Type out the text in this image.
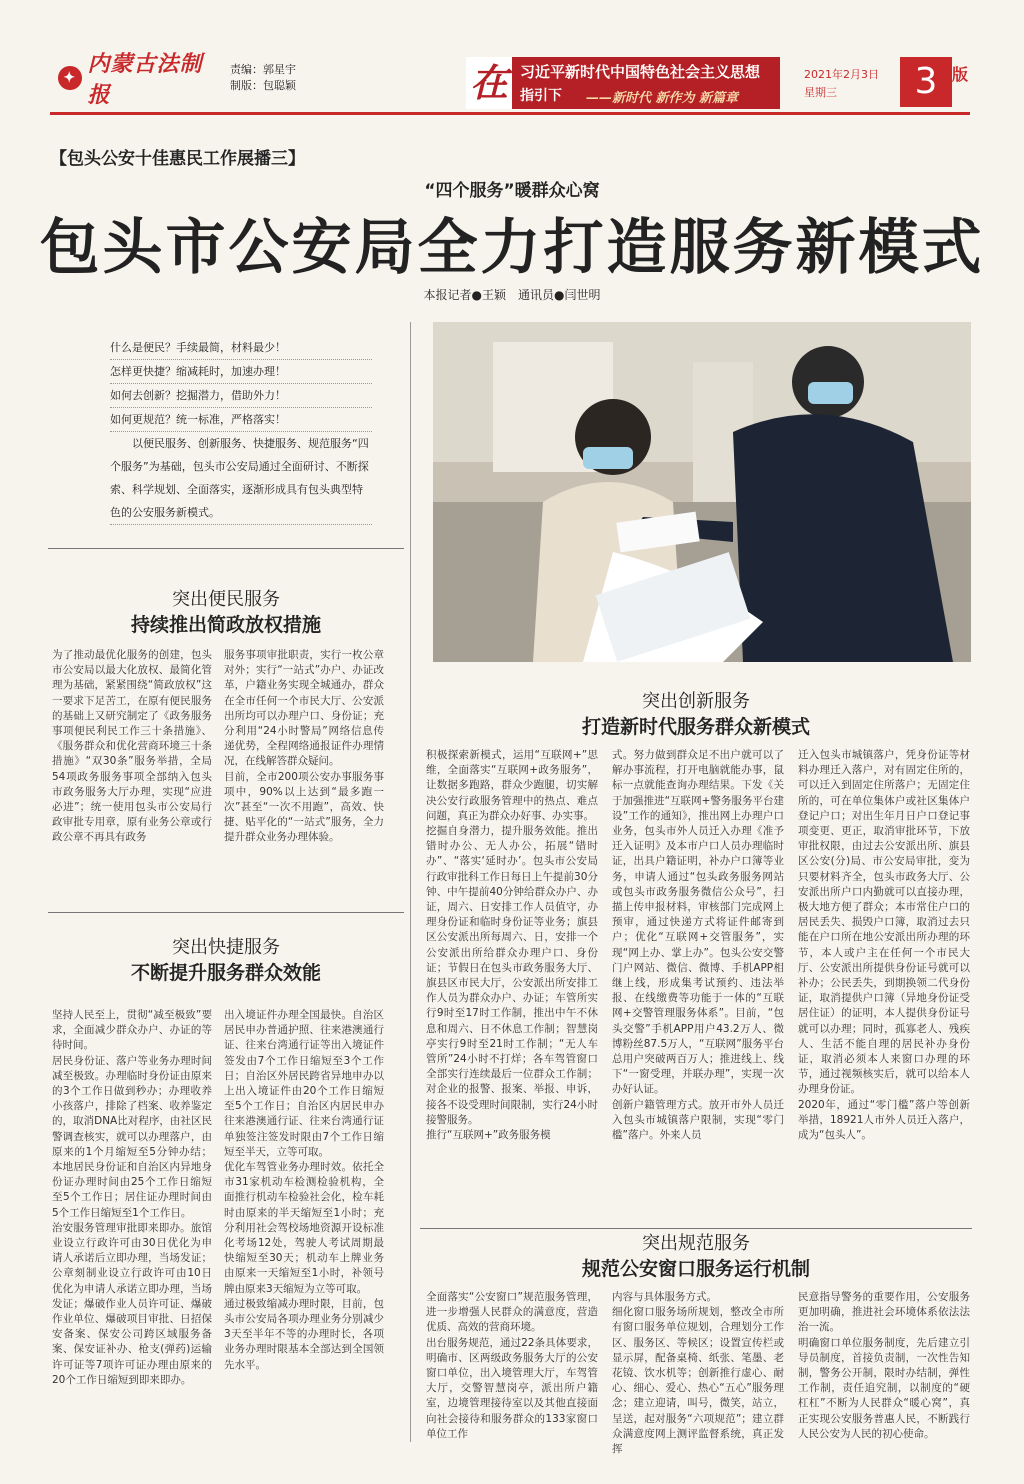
✦
内蒙古法制报
责编：郭星宇
制版：包聪颖	在 习近平新时代中国特色社会主义思想
指引下 ——新时代 新作为 新篇章
2021年2月3日
星期三	3 版
【包头公安十佳惠民工作展播三】
“四个服务”暖群众心窝
包头市公安局全力打造服务新模式
本报记者●王颖　通讯员●闫世明
什么是便民？手续最简，材料最少！
怎样更快捷？缩减耗时，加速办理！
如何去创新？挖掘潜力，借助外力！
如何更规范？统一标准，严格落实！
以便民服务、创新服务、快捷服务、规范服务“四个服务”为基础，包头市公安局通过全面研讨、不断探索、科学规划、全面落实，逐渐形成具有包头典型特色的公安服务新模式。
突出便民服务
持续推出简政放权措施
为了推动最优化服务的创建，包头市公安局以最大化放权、最简化管理为基础，紧紧围绕“简政放权”这一要求下足苦工，在原有便民服务的基础上又研究制定了《政务服务事项便民利民工作三十条措施》、《服务群众和优化营商环境三十条措施》“双30条”服务举措，全局54项政务服务事项全部纳入包头市政务服务大厅办理，实现“应进必进”；统一使用包头市公安局行政审批专用章，原有业务公章或行政公章不再具有政务
服务事项审批职责，实行一枚公章对外；实行“一站式”办户、办证改革，户籍业务实现全城通办，群众在全市任何一个市民大厅、公安派出所均可以办理户口、身份证；充分利用“24小时警局”网络信息传递优势，全程网络通报证件办理情况，在线解答群众疑问。
目前，全市200项公安办事服务事项中，90%以上达到“最多跑一次”甚至“一次不用跑”，高效、快捷、贴平化的“一站式”服务，全力提升群众业务办理体验。
突出快捷服务
不断提升服务群众效能
坚持人民至上，贯彻“减至极致”要求，全面减少群众办户、办证的等待时间。
居民身份证、落户等业务办理时间减至极致。办理临时身份证由原来的3个工作日做到秒办；办理收养小孩落户，排除了档案、收养鉴定的，取消DNA比对程序，由社区民警调查核实，就可以办理落户，由原来的1个月缩短至5分钟办结；本地居民身份证和自治区内异地身份证办理时间由25个工作日缩短至5个工作日；居住证办理时间由5个工作日缩短至1个工作日。
治安服务管理审批即来即办。旅馆业设立行政许可由30日优化为申请人承诺后立即办理，当场发证；公章刻制业设立行政许可由10日优化为申请人承诺立即办理，当场发证；爆破作业人员许可证、爆破作业单位、爆破项目审批、日招保安备案、保安公司跨区域服务备案、保安证补办、枪支(弹药)运输许可证等7项许可证办理由原来的20个工作日缩短到即来即办。
出入境证件办理全国最快。自治区居民申办普通护照、往来港澳通行证、往来台湾通行证等出入境证件签发由7个工作日缩短至3个工作日；自治区外居民跨省异地申办以上出入境证件由20个工作日缩短至5个工作日；自治区内居民申办往来港澳通行证、往来台湾通行证单独签注签发时限由7个工作日缩短至半天，立等可取。
优化车驾管业务办理时效。依托全市31家机动车检测检验机构，全面推行机动车检验社会化，检车耗时由原来的半天缩短至1小时；充分利用社会驾校场地资源开设标准化考场12处，驾驶人考试周期最快缩短至30天；机动车上牌业务由原来一天缩短至1小时，补领号牌由原来3天缩短为立等可取。
通过极致缩减办理时限，目前，包头市公安局各项办理业务分别减少3天至半年不等的办理时长，各项业务办理时限基本全部达到全国领先水平。
突出创新服务
打造新时代服务群众新模式
积极探索新模式，运用“互联网+”思维，全面落实“互联网+政务服务”，让数据多跑路，群众少跑腿，切实解决公安行政服务管理中的热点、难点问题，真正为群众办好事、办实事。
挖掘自身潜力，提升服务效能。推出错时办公、无人办公，拓展“错时办”、“落实‘延时办’。包头市公安局行政审批科工作日每日上午提前30分钟、中午提前40分钟给群众办户、办证，周六、日安排工作人员值守，办理身份证和临时身份证等业务；旗县区公安派出所每周六、日，安排一个公安派出所给群众办理户口、身份证；节假日在包头市政务服务大厅、旗县区市民大厅，公安派出所安排工作人员为群众办户、办证；车管所实行9时至17时工作制，推出中午不休息和周六、日不休息工作制；智慧岗亭实行9时至21时工作制；“无人车管所”24小时不打烊；各车驾管窗口全部实行连续最后一位群众工作制；对企业的报警、报案、举报、申诉，接各不设受理时间限制，实行24小时接警服务。
推行“互联网+”政务服务模
式。努力做到群众足不出户就可以了解办事流程，打开电脑就能办事，鼠标一点就能查询办理结果。下发《关于加强推进“互联网+警务服务平台建设”工作的通知》，推出网上办理户口业务，包头市外人员迁入办理《准予迁入证明》及本市户口人员办理临时证，出具户籍证明，补办户口簿等业务，申请人通过“包头政务服务网站或包头市政务服务微信公众号”，扫描上传申报材料，审核部门完成网上预审，通过快递方式将证件邮寄到户；优化“互联网+交管服务”，实现“网上办、掌上办”。包头公安交警门户网站、微信、微博、手机APP相继上线，形成集考试预约、违法举报、在线缴费等功能于一体的“互联网+交警管理服务体系”。目前，“包头交警”手机APP用户43.2万人、微博粉丝87.5万人，“互联网”服务平台总用户突破两百万人；推进线上、线下“一窗受理，并联办理”，实现一次办好认证。
创新户籍管理方式。放开市外人员迁入包头市城镇落户限制，实现“零门槛”落户。外来人员
迁入包头市城镇落户，凭身份证等材料办理迁入落户，对有固定住所的，可以迁入到固定住所落户；无固定住所的，可在单位集体户或社区集体户登记户口；对出生年月日户口登记事项变更、更正，取消审批环节，下放审批权限，由过去公安派出所、旗县区公安(分)局、市公安局审批，变为只要材料齐全，包头市政务大厅、公安派出所户口内勤就可以直接办理，极大地方便了群众；本市常住户口的居民丢失、损毁户口簿，取消过去只能在户口所在地公安派出所办理的环节，本人或户主在任何一个市民大厅、公安派出所提供身份证号就可以补办；公民丢失，到期换领二代身份证，取消提供户口簿（异地身份证受居住证）的证明，本人提供身份证号就可以办理；同时，孤寡老人、残疾人、生活不能自理的居民补办身份证，取消必须本人来窗口办理的环节，通过视频核实后，就可以给本人办理身份证。
2020年，通过“零门槛”落户等创新举措，18921人市外人员迁入落户，成为“包头人”。
突出规范服务
规范公安窗口服务运行机制
全面落实“公安窗口”规范服务管理，进一步增强人民群众的满意度，营造优质、高效的营商环境。
出台服务规范，通过22条具体要求，明确市、区两级政务服务大厅的公安窗口单位，出入境管理大厅，车驾管大厅，交警智慧岗亭，派出所户籍室，边境管理接待室以及其他直接面向社会接待和服务群众的133家窗口单位工作
内容与具体服务方式。
细化窗口服务场所规划，整改全市所有窗口服务单位规划，合理划分工作区、服务区、等候区；设置宣传栏或显示屏，配备桌椅、纸张、笔墨、老花镜、饮水机等；创新推行虚心、耐心、细心、爱心、热心“五心”服务理念；建立迎请，叫号，微笑，站立，呈送，起对服务“六项规范”；建立群众满意度网上测评监督系统，真正发挥
民意指导警务的重要作用，公安服务更加明确，推进社会环境体系依法法治一流。
明确窗口单位服务制度，先后建立引导员制度，首接负责制，一次性告知制，警务公开制，限时办结制，弹性工作制，责任追究制，以制度的“硬杠杠”不断为人民群众“暖心窝”，真正实现公安服务普惠人民，不断践行人民公安为人民的初心使命。
